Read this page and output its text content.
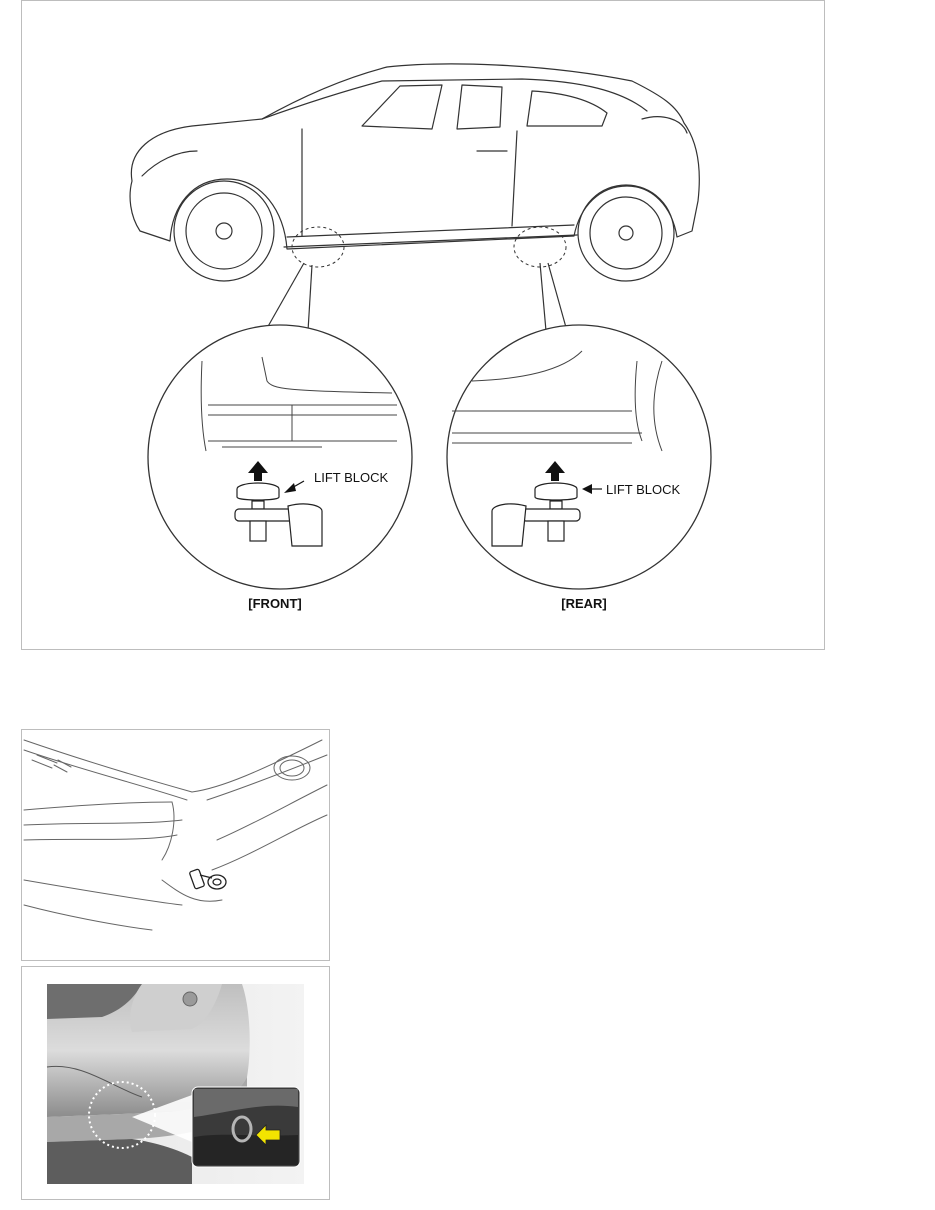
LIFT BLOCK
[FRONT]
LIFT BLOCK
[REAR]
